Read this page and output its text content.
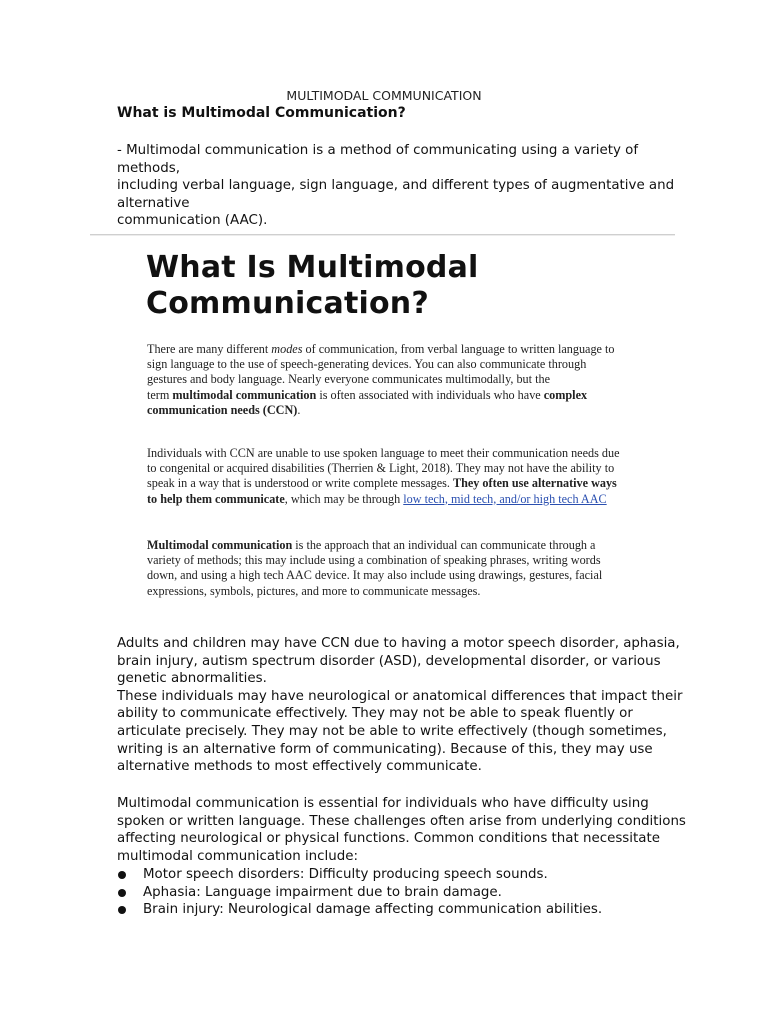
MULTIMODAL COMMUNICATION
What is Multimodal Communication?
- Multimodal communication is a method of communicating using a variety of
methods,
including verbal language, sign language, and different types of augmentative and
alternative
communication (AAC).
What Is Multimodal
Communication?
There are many different modes of communication, from verbal language to written language to
sign language to the use of speech-generating devices. You can also communicate through
gestures and body language. Nearly everyone communicates multimodally, but the
term multimodal communication is often associated with individuals who have complex
communication needs (CCN).
Individuals with CCN are unable to use spoken language to meet their communication needs due
to congenital or acquired disabilities (Therrien & Light, 2018). They may not have the ability to
speak in a way that is understood or write complete messages. They often use alternative ways
to help them communicate, which may be through low tech, mid tech, and/or high tech AAC
Multimodal communication is the approach that an individual can communicate through a
variety of methods; this may include using a combination of speaking phrases, writing words
down, and using a high tech AAC device. It may also include using drawings, gestures, facial
expressions, symbols, pictures, and more to communicate messages.
Adults and children may have CCN due to having a motor speech disorder, aphasia,
brain injury, autism spectrum disorder (ASD), developmental disorder, or various
genetic abnormalities.
These individuals may have neurological or anatomical differences that impact their
ability to communicate effectively. They may not be able to speak fluently or
articulate precisely. They may not be able to write effectively (though sometimes,
writing is an alternative form of communicating). Because of this, they may use
alternative methods to most effectively communicate.
Multimodal communication is essential for individuals who have difficulty using
spoken or written language. These challenges often arise from underlying conditions
affecting neurological or physical functions. Common conditions that necessitate
multimodal communication include:
Motor speech disorders: Difficulty producing speech sounds.
Aphasia: Language impairment due to brain damage.
Brain injury: Neurological damage affecting communication abilities.
